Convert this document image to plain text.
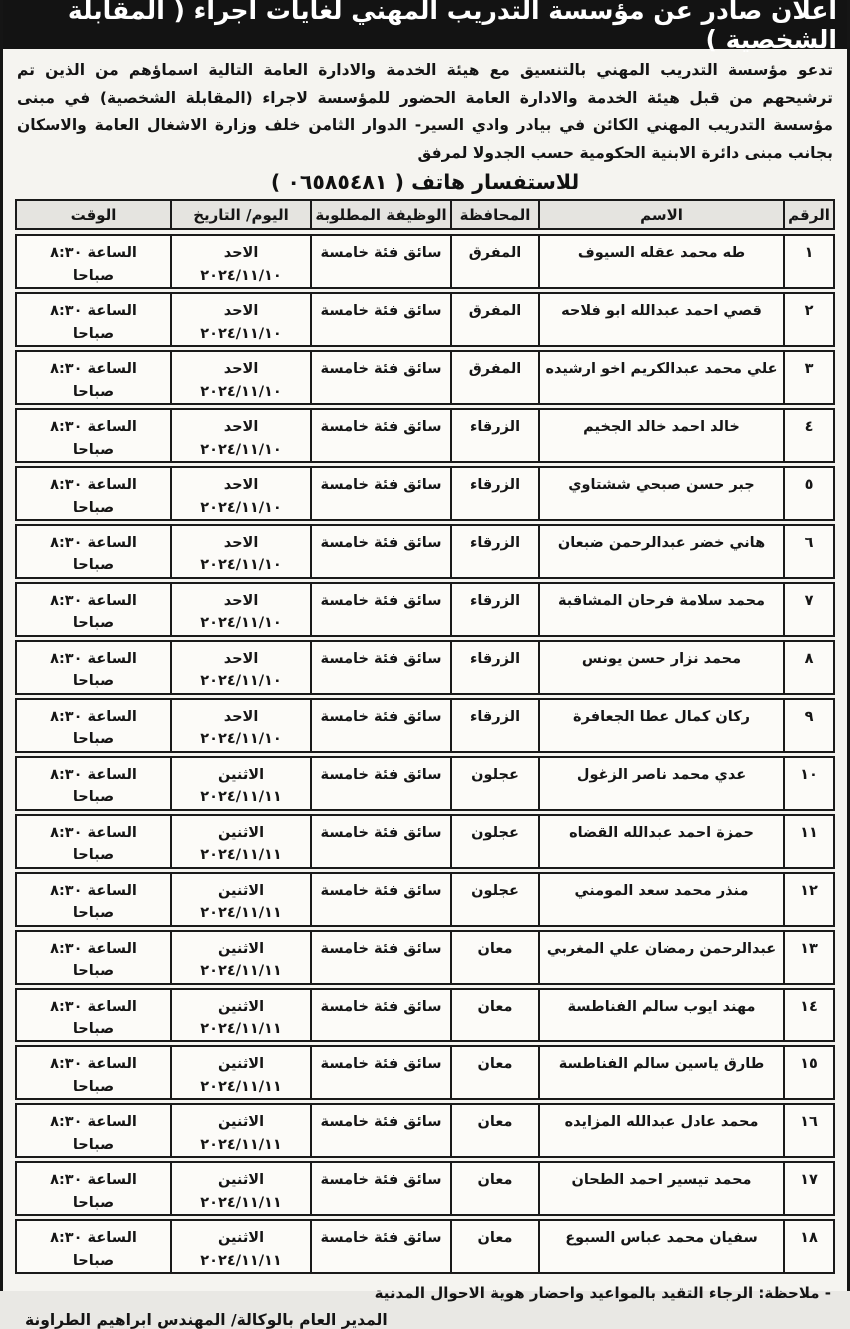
اعلان صادر عن مؤسسة التدريب المهني لغايات اجراء ( المقابلة الشخصية )

تدعو مؤسسة التدريب المهني بالتنسيق مع هيئة الخدمة والادارة العامة التالية اسماؤهم من الذين تم ترشيحهم من قبل هيئة الخدمة والادارة العامة الحضور للمؤسسة لاجراء (المقابلة الشخصية) في مبنى مؤسسة التدريب المهني الكائن في بيادر وادي السير- الدوار الثامن خلف وزارة الاشغال العامة والاسكان بجانب مبنى دائرة الابنية الحكومية حسب الجدولا لمرفق

للاستفسار هاتف ( ٠٦٥٨٥٤٨١ )
الرقم
الاسم
المحافظة
الوظيفة المطلوبة
اليوم/ التاريخ
الوقت
١
طه محمد عقله السيوف
المفرق
سائق فئة خامسة
الاحد
٢٠٢٤/١١/١٠
الساعة ٨:٣٠
صباحا
٢
قصي احمد عبدالله ابو فلاحه
المفرق
سائق فئة خامسة
الاحد
٢٠٢٤/١١/١٠
الساعة ٨:٣٠
صباحا
٣
علي محمد عبدالكريم اخو ارشيده
المفرق
سائق فئة خامسة
الاحد
٢٠٢٤/١١/١٠
الساعة ٨:٣٠
صباحا
٤
خالد احمد خالد الجخيم
الزرقاء
سائق فئة خامسة
الاحد
٢٠٢٤/١١/١٠
الساعة ٨:٣٠
صباحا
٥
جبر حسن صبحي ششتاوي
الزرقاء
سائق فئة خامسة
الاحد
٢٠٢٤/١١/١٠
الساعة ٨:٣٠
صباحا
٦
هاني خضر عبدالرحمن ضبعان
الزرقاء
سائق فئة خامسة
الاحد
٢٠٢٤/١١/١٠
الساعة ٨:٣٠
صباحا
٧
محمد سلامة فرحان المشاقبة
الزرقاء
سائق فئة خامسة
الاحد
٢٠٢٤/١١/١٠
الساعة ٨:٣٠
صباحا
٨
محمد نزار حسن يونس
الزرقاء
سائق فئة خامسة
الاحد
٢٠٢٤/١١/١٠
الساعة ٨:٣٠
صباحا
٩
ركان كمال عطا الجعافرة
الزرقاء
سائق فئة خامسة
الاحد
٢٠٢٤/١١/١٠
الساعة ٨:٣٠
صباحا
١٠
عدي محمد ناصر الزغول
عجلون
سائق فئة خامسة
الاثنين
٢٠٢٤/١١/١١
الساعة ٨:٣٠
صباحا
١١
حمزة احمد عبدالله القضاه
عجلون
سائق فئة خامسة
الاثنين
٢٠٢٤/١١/١١
الساعة ٨:٣٠
صباحا
١٢
منذر محمد سعد المومني
عجلون
سائق فئة خامسة
الاثنين
٢٠٢٤/١١/١١
الساعة ٨:٣٠
صباحا
١٣
عبدالرحمن رمضان علي المغربي
معان
سائق فئة خامسة
الاثنين
٢٠٢٤/١١/١١
الساعة ٨:٣٠
صباحا
١٤
مهند ايوب سالم الفناطسة
معان
سائق فئة خامسة
الاثنين
٢٠٢٤/١١/١١
الساعة ٨:٣٠
صباحا
١٥
طارق ياسين سالم الفناطسة
معان
سائق فئة خامسة
الاثنين
٢٠٢٤/١١/١١
الساعة ٨:٣٠
صباحا
١٦
محمد عادل عبدالله المزايده
معان
سائق فئة خامسة
الاثنين
٢٠٢٤/١١/١١
الساعة ٨:٣٠
صباحا
١٧
محمد تيسير احمد الطحان
معان
سائق فئة خامسة
الاثنين
٢٠٢٤/١١/١١
الساعة ٨:٣٠
صباحا
١٨
سفيان محمد عباس السبوع
معان
سائق فئة خامسة
الاثنين
٢٠٢٤/١١/١١
الساعة ٨:٣٠
صباحا
- ملاحظة: الرجاء التقيد بالمواعيد واحضار هوية الاحوال المدنية
المدير العام بالوكالة/ المهندس ابراهيم الطراونة
